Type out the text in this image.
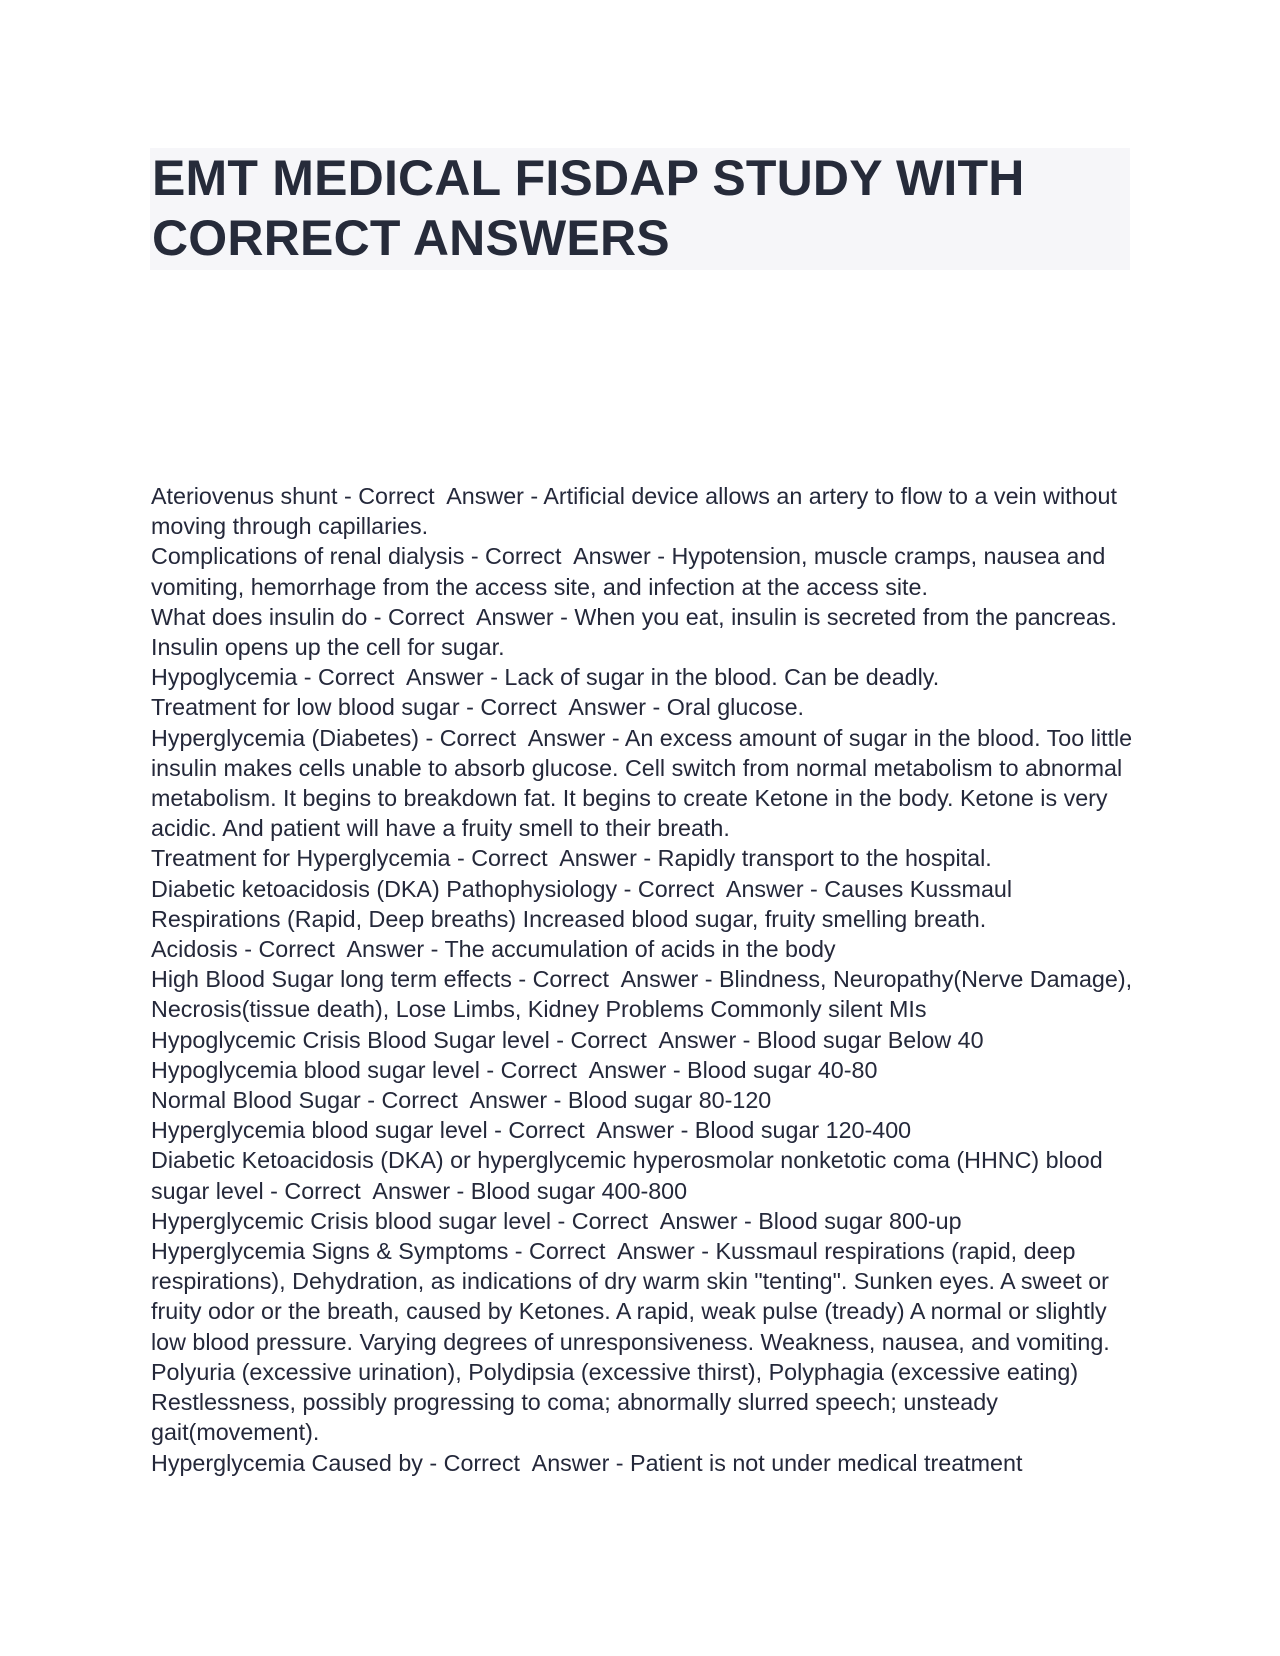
EMT MEDICAL FISDAP STUDY WITH CORRECT ANSWERS

Ateriovenus shunt - Correct  Answer - Artificial device allows an artery to flow to a vein without moving through capillaries.

Complications of renal dialysis - Correct  Answer - Hypotension, muscle cramps, nausea and vomiting, hemorrhage from the access site, and infection at the access site.

What does insulin do - Correct  Answer - When you eat, insulin is secreted from the pancreas. Insulin opens up the cell for sugar.

Hypoglycemia - Correct  Answer - Lack of sugar in the blood. Can be deadly.

Treatment for low blood sugar - Correct  Answer - Oral glucose.

Hyperglycemia (Diabetes) - Correct  Answer - An excess amount of sugar in the blood. Too little insulin makes cells unable to absorb glucose. Cell switch from normal metabolism to abnormal metabolism. It begins to breakdown fat. It begins to create Ketone in the body. Ketone is very acidic. And patient will have a fruity smell to their breath.

Treatment for Hyperglycemia - Correct  Answer - Rapidly transport to the hospital.

Diabetic ketoacidosis (DKA) Pathophysiology - Correct  Answer - Causes Kussmaul Respirations (Rapid, Deep breaths) Increased blood sugar, fruity smelling breath.

Acidosis - Correct  Answer - The accumulation of acids in the body

High Blood Sugar long term effects - Correct  Answer - Blindness, Neuropathy(Nerve Damage), Necrosis(tissue death), Lose Limbs, Kidney Problems Commonly silent MIs

Hypoglycemic Crisis Blood Sugar level - Correct  Answer - Blood sugar Below 40

Hypoglycemia blood sugar level - Correct  Answer - Blood sugar 40-80

Normal Blood Sugar - Correct  Answer - Blood sugar 80-120

Hyperglycemia blood sugar level - Correct  Answer - Blood sugar 120-400

Diabetic Ketoacidosis (DKA) or hyperglycemic hyperosmolar nonketotic coma (HHNC) blood sugar level - Correct  Answer - Blood sugar 400-800

Hyperglycemic Crisis blood sugar level - Correct  Answer - Blood sugar 800-up

Hyperglycemia Signs & Symptoms - Correct  Answer - Kussmaul respirations (rapid, deep respirations), Dehydration, as indications of dry warm skin "tenting". Sunken eyes. A sweet or fruity odor or the breath, caused by Ketones. A rapid, weak pulse (tready) A normal or slightly low blood pressure. Varying degrees of unresponsiveness. Weakness, nausea, and vomiting. Polyuria (excessive urination), Polydipsia (excessive thirst), Polyphagia (excessive eating) Restlessness, possibly progressing to coma; abnormally slurred speech; unsteady gait(movement).

Hyperglycemia Caused by - Correct  Answer - Patient is not under medical treatment
